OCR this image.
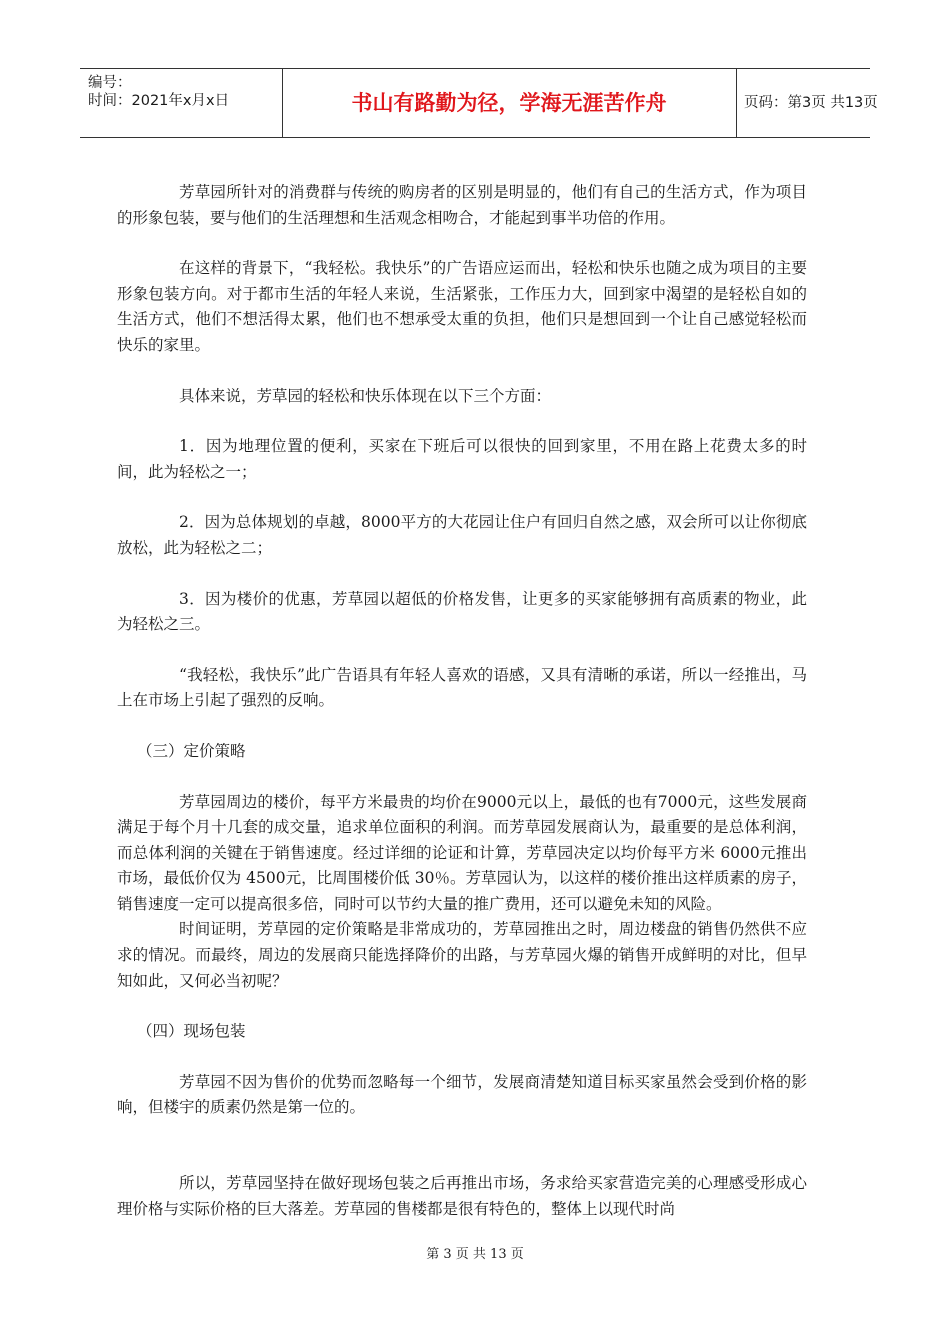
编号：
时间：2021年x月x日	书山有路勤为径，学海无涯苦作舟	页码：第3页 共13页

芳草园所针对的消费群与传统的购房者的区别是明显的，他们有自己的生活方式，作为项目的形象包装，要与他们的生活理想和生活观念相吻合，才能起到事半功倍的作用。

在这样的背景下，“我轻松。我快乐”的广告语应运而出，轻松和快乐也随之成为项目的主要形象包装方向。对于都市生活的年轻人来说，生活紧张，工作压力大，回到家中渴望的是轻松自如的生活方式，他们不想活得太累，他们也不想承受太重的负担，他们只是想回到一个让自己感觉轻松而快乐的家里。

具体来说，芳草园的轻松和快乐体现在以下三个方面：

1．因为地理位置的便利，买家在下班后可以很快的回到家里，不用在路上花费太多的时间，此为轻松之一；

2．因为总体规划的卓越，8000平方的大花园让住户有回归自然之感，双会所可以让你彻底放松，此为轻松之二；

3．因为楼价的优惠，芳草园以超低的价格发售，让更多的买家能够拥有高质素的物业，此为轻松之三。

“我轻松，我快乐”此广告语具有年轻人喜欢的语感，又具有清晰的承诺，所以一经推出，马上在市场上引起了强烈的反响。

（三）定价策略

芳草园周边的楼价，每平方米最贵的均价在9000元以上，最低的也有7000元，这些发展商满足于每个月十几套的成交量，追求单位面积的利润。而芳草园发展商认为，最重要的是总体利润，而总体利润的关键在于销售速度。经过详细的论证和计算，芳草园决定以均价每平方米 6000元推出市场，最低价仅为 4500元，比周围楼价低 30％。芳草园认为，以这样的楼价推出这样质素的房子，销售速度一定可以提高很多倍，同时可以节约大量的推广费用，还可以避免未知的风险。

时间证明，芳草园的定价策略是非常成功的，芳草园推出之时，周边楼盘的销售仍然供不应求的情况。而最终，周边的发展商只能选择降价的出路，与芳草园火爆的销售开成鲜明的对比，但早知如此，又何必当初呢？

（四）现场包装

芳草园不因为售价的优势而忽略每一个细节，发展商清楚知道目标买家虽然会受到价格的影响，但楼宇的质素仍然是第一位的。

所以，芳草园坚持在做好现场包装之后再推出市场，务求给买家营造完美的心理感受形成心理价格与实际价格的巨大落差。芳草园的售楼都是很有特色的，整体上以现代时尚

第 3 页 共 13 页
